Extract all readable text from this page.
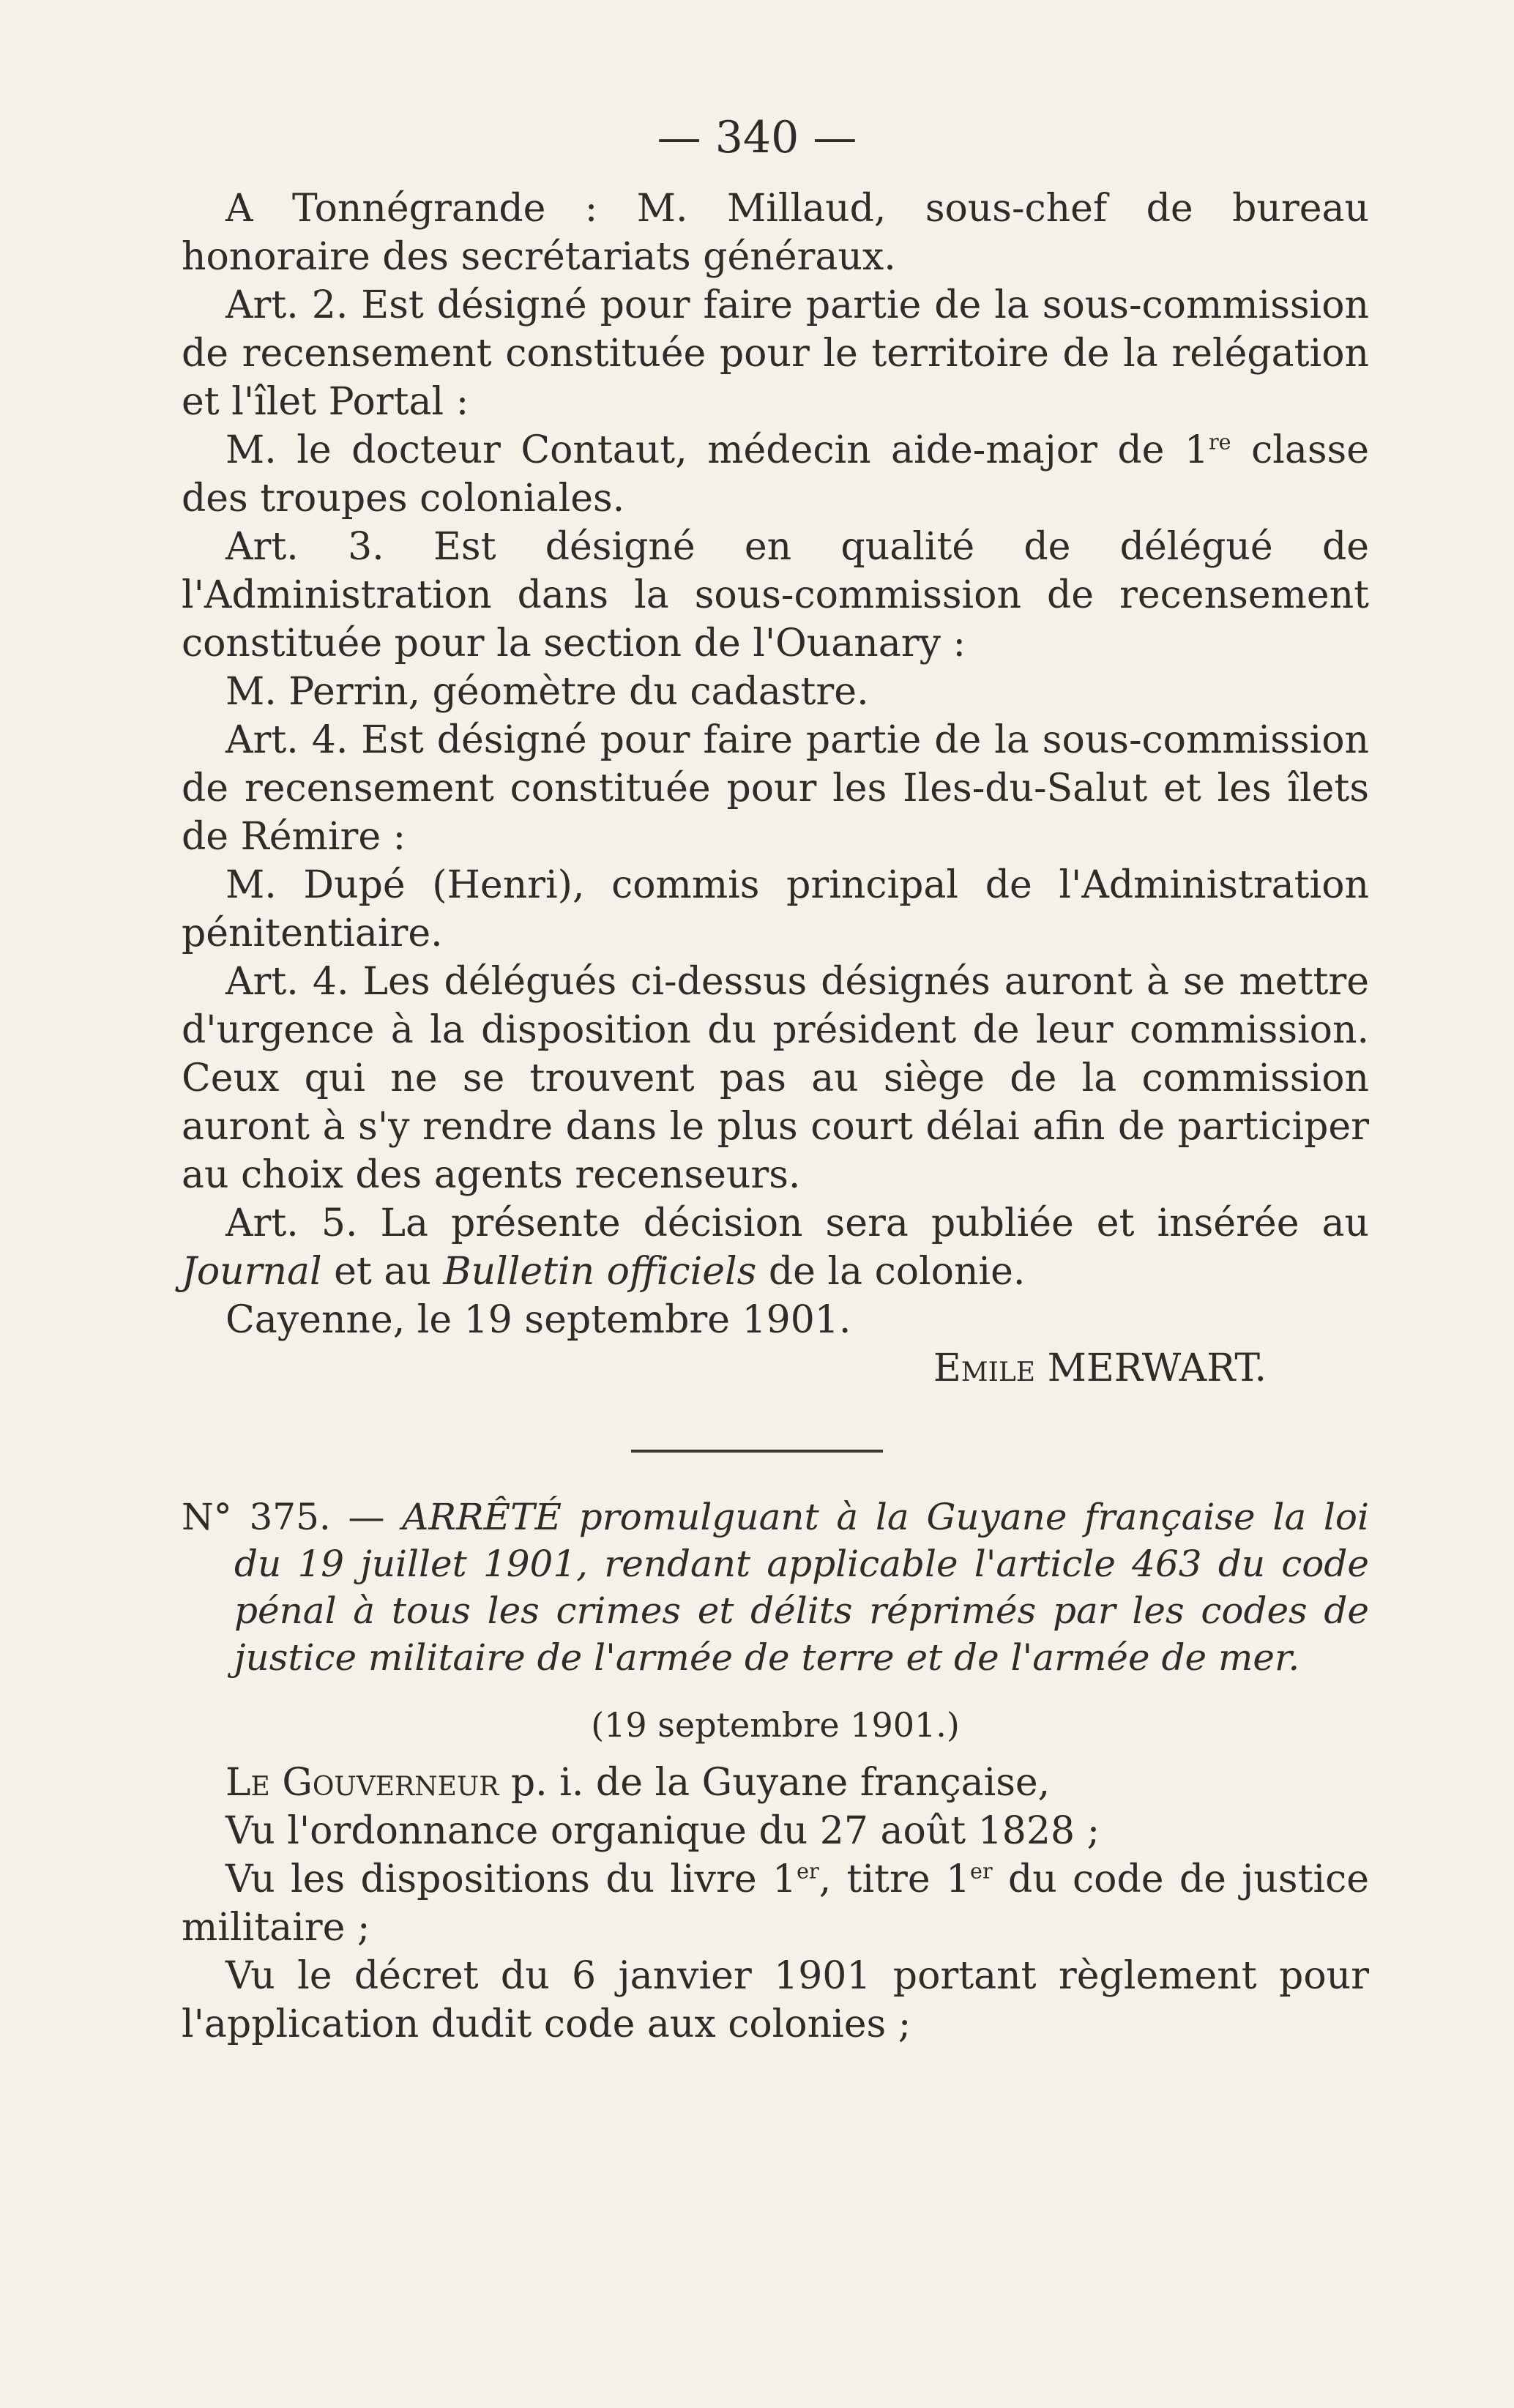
— 340 —

A Tonnégrande : M. Millaud, sous-chef de bureau honoraire des secrétariats généraux.

Art. 2. Est désigné pour faire partie de la sous-commission de recensement constituée pour le territoire de la relégation et l'îlet Portal :

M. le docteur Contaut, médecin aide-major de 1re classe des troupes coloniales.

Art. 3. Est désigné en qualité de délégué de l'Administration dans la sous-commission de recensement constituée pour la section de l'Ouanary :

M. Perrin, géomètre du cadastre.

Art. 4. Est désigné pour faire partie de la sous-commission de recensement constituée pour les Iles-du-Salut et les îlets de Rémire :

M. Dupé (Henri), commis principal de l'Administration pénitentiaire.

Art. 4. Les délégués ci-dessus désignés auront à se mettre d'urgence à la disposition du président de leur commission. Ceux qui ne se trouvent pas au siège de la commission auront à s'y rendre dans le plus court délai afin de participer au choix des agents recenseurs.

Art. 5. La présente décision sera publiée et insérée au Journal et au Bulletin officiels de la colonie.

Cayenne, le 19 septembre 1901.

Emile MERWART.

N° 375. — ARRÊTÉ promulguant à la Guyane française la loi du 19 juillet 1901, rendant applicable l'article 463 du code pénal à tous les crimes et délits réprimés par les codes de justice militaire de l'armée de terre et de l'armée de mer.

(19 septembre 1901.)

Le Gouverneur p. i. de la Guyane française,

Vu l'ordonnance organique du 27 août 1828 ;

Vu les dispositions du livre 1er, titre 1er du code de justice militaire ;

Vu le décret du 6 janvier 1901 portant règlement pour l'application dudit code aux colonies ;
